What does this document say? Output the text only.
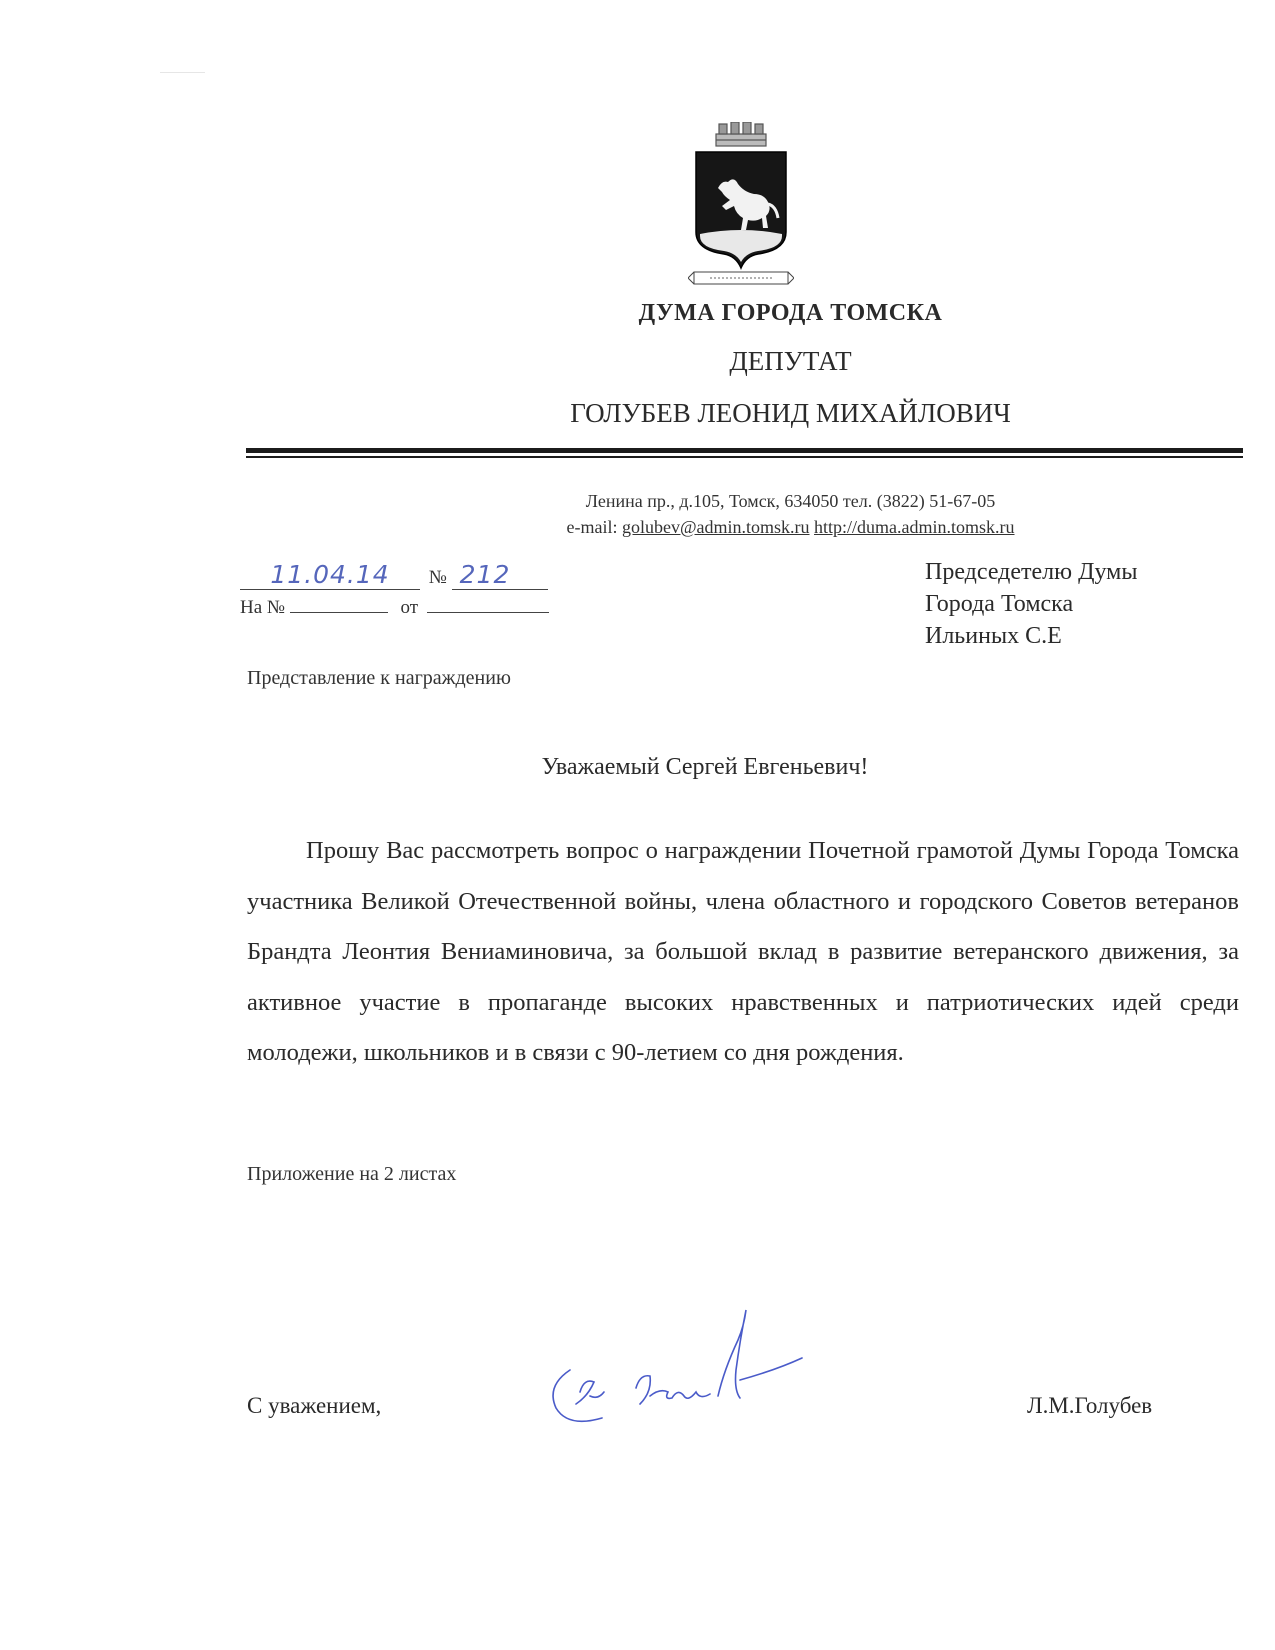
ДУМА ГОРОДА ТОМСКА
ДЕПУТАТ
ГОЛУБЕВ ЛЕОНИД МИХАЙЛОВИЧ
Ленина пр., д.105, Томск, 634050 тел. (3822) 51-67-05
e-mail: golubev@admin.tomsk.ru http://duma.admin.tomsk.ru
11.04.14 № 212
На №	от
Председетелю Думы
Города Томска
Ильиных С.Е
Представление к награждению
Уважаемый Сергей Евгеньевич!
Прошу Вас рассмотреть вопрос о награждении Почетной грамотой Думы Города Томска участника Великой Отечественной войны, члена областного и городского Советов ветеранов Брандта Леонтия Вениаминовича, за большой вклад в развитие ветеранского движения, за активное участие в пропаганде высоких нравственных и патриотических идей среди молодежи, школьников и в связи с 90-летием со дня рождения.
Приложение на 2 листах
С уважением,	Л.М.Голубев
